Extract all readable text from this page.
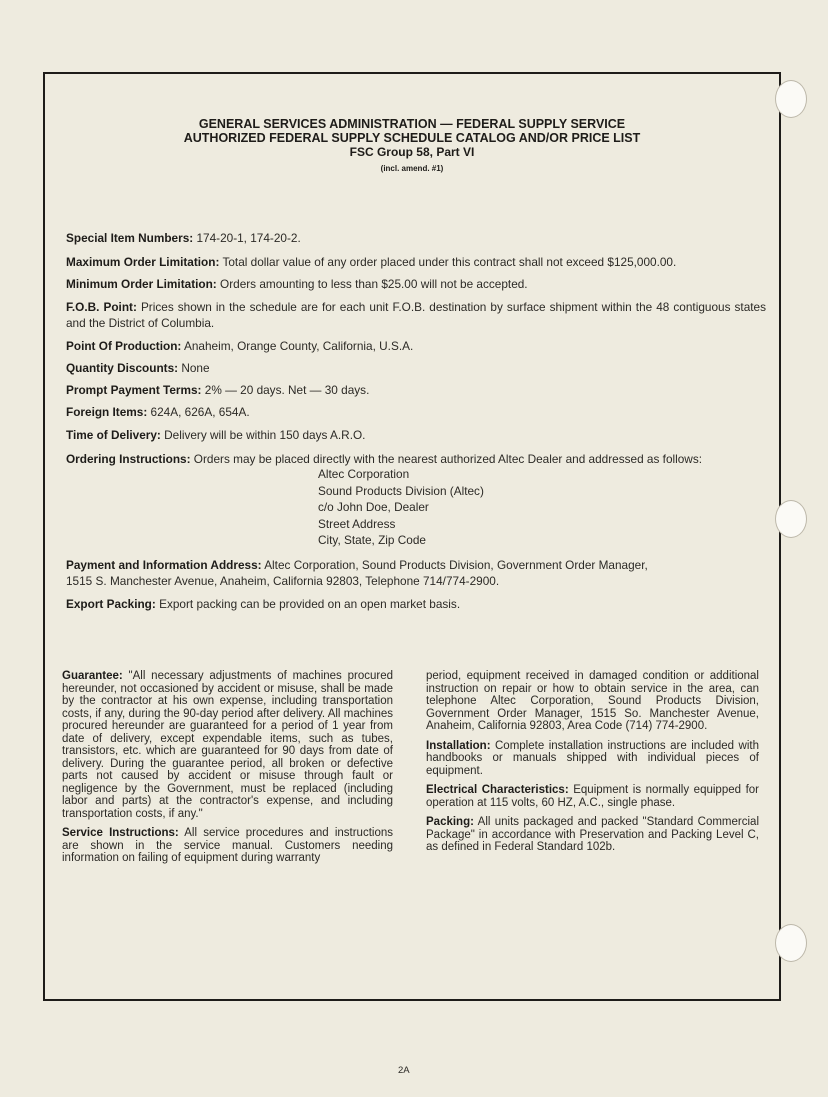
GENERAL SERVICES ADMINISTRATION — FEDERAL SUPPLY SERVICE
AUTHORIZED FEDERAL SUPPLY SCHEDULE CATALOG AND/OR PRICE LIST
FSC Group 58, Part VI
(incl. amend. #1)
Special Item Numbers: 174-20-1, 174-20-2.
Maximum Order Limitation: Total dollar value of any order placed under this contract shall not exceed $125,000.00.
Minimum Order Limitation: Orders amounting to less than $25.00 will not be accepted.
F.O.B. Point: Prices shown in the schedule are for each unit F.O.B. destination by surface shipment within the 48 contiguous states and the District of Columbia.
Point Of Production: Anaheim, Orange County, California, U.S.A.
Quantity Discounts: None
Prompt Payment Terms: 2% — 20 days. Net — 30 days.
Foreign Items: 624A, 626A, 654A.
Time of Delivery: Delivery will be within 150 days A.R.O.
Ordering Instructions: Orders may be placed directly with the nearest authorized Altec Dealer and addressed as follows:
Altec Corporation
Sound Products Division (Altec)
c/o John Doe, Dealer
Street Address
City, State, Zip Code
Payment and Information Address: Altec Corporation, Sound Products Division, Government Order Manager,
1515 S. Manchester Avenue, Anaheim, California 92803, Telephone 714/774-2900.
Export Packing: Export packing can be provided on an open market basis.

Guarantee: "All necessary adjustments of machines procured hereunder, not occasioned by accident or misuse, shall be made by the contractor at his own expense, including transportation costs, if any, during the 90-day period after delivery. All machines procured hereunder are guaranteed for a period of 1 year from date of delivery, except expendable items, such as tubes, transistors, etc. which are guaranteed for 90 days from date of delivery. During the guarantee period, all broken or defective parts not caused by accident or misuse through fault or negligence by the Government, must be replaced (including labor and parts) at the contractor's expense, and including transportation costs, if any."

Service Instructions: All service procedures and instructions are shown in the service manual. Customers needing information on failing of equipment during warranty

period, equipment received in damaged condition or additional instruction on repair or how to obtain service in the area, can telephone Altec Corporation, Sound Products Division, Government Order Manager, 1515 So. Manchester Avenue, Anaheim, California 92803, Area Code (714) 774-2900.

Installation: Complete installation instructions are included with handbooks or manuals shipped with individual pieces of equipment.

Electrical Characteristics: Equipment is normally equipped for operation at 115 volts, 60 HZ, A.C., single phase.

Packing: All units packaged and packed "Standard Commercial Package" in accordance with Preservation and Packing Level C, as defined in Federal Standard 102b.

2A
